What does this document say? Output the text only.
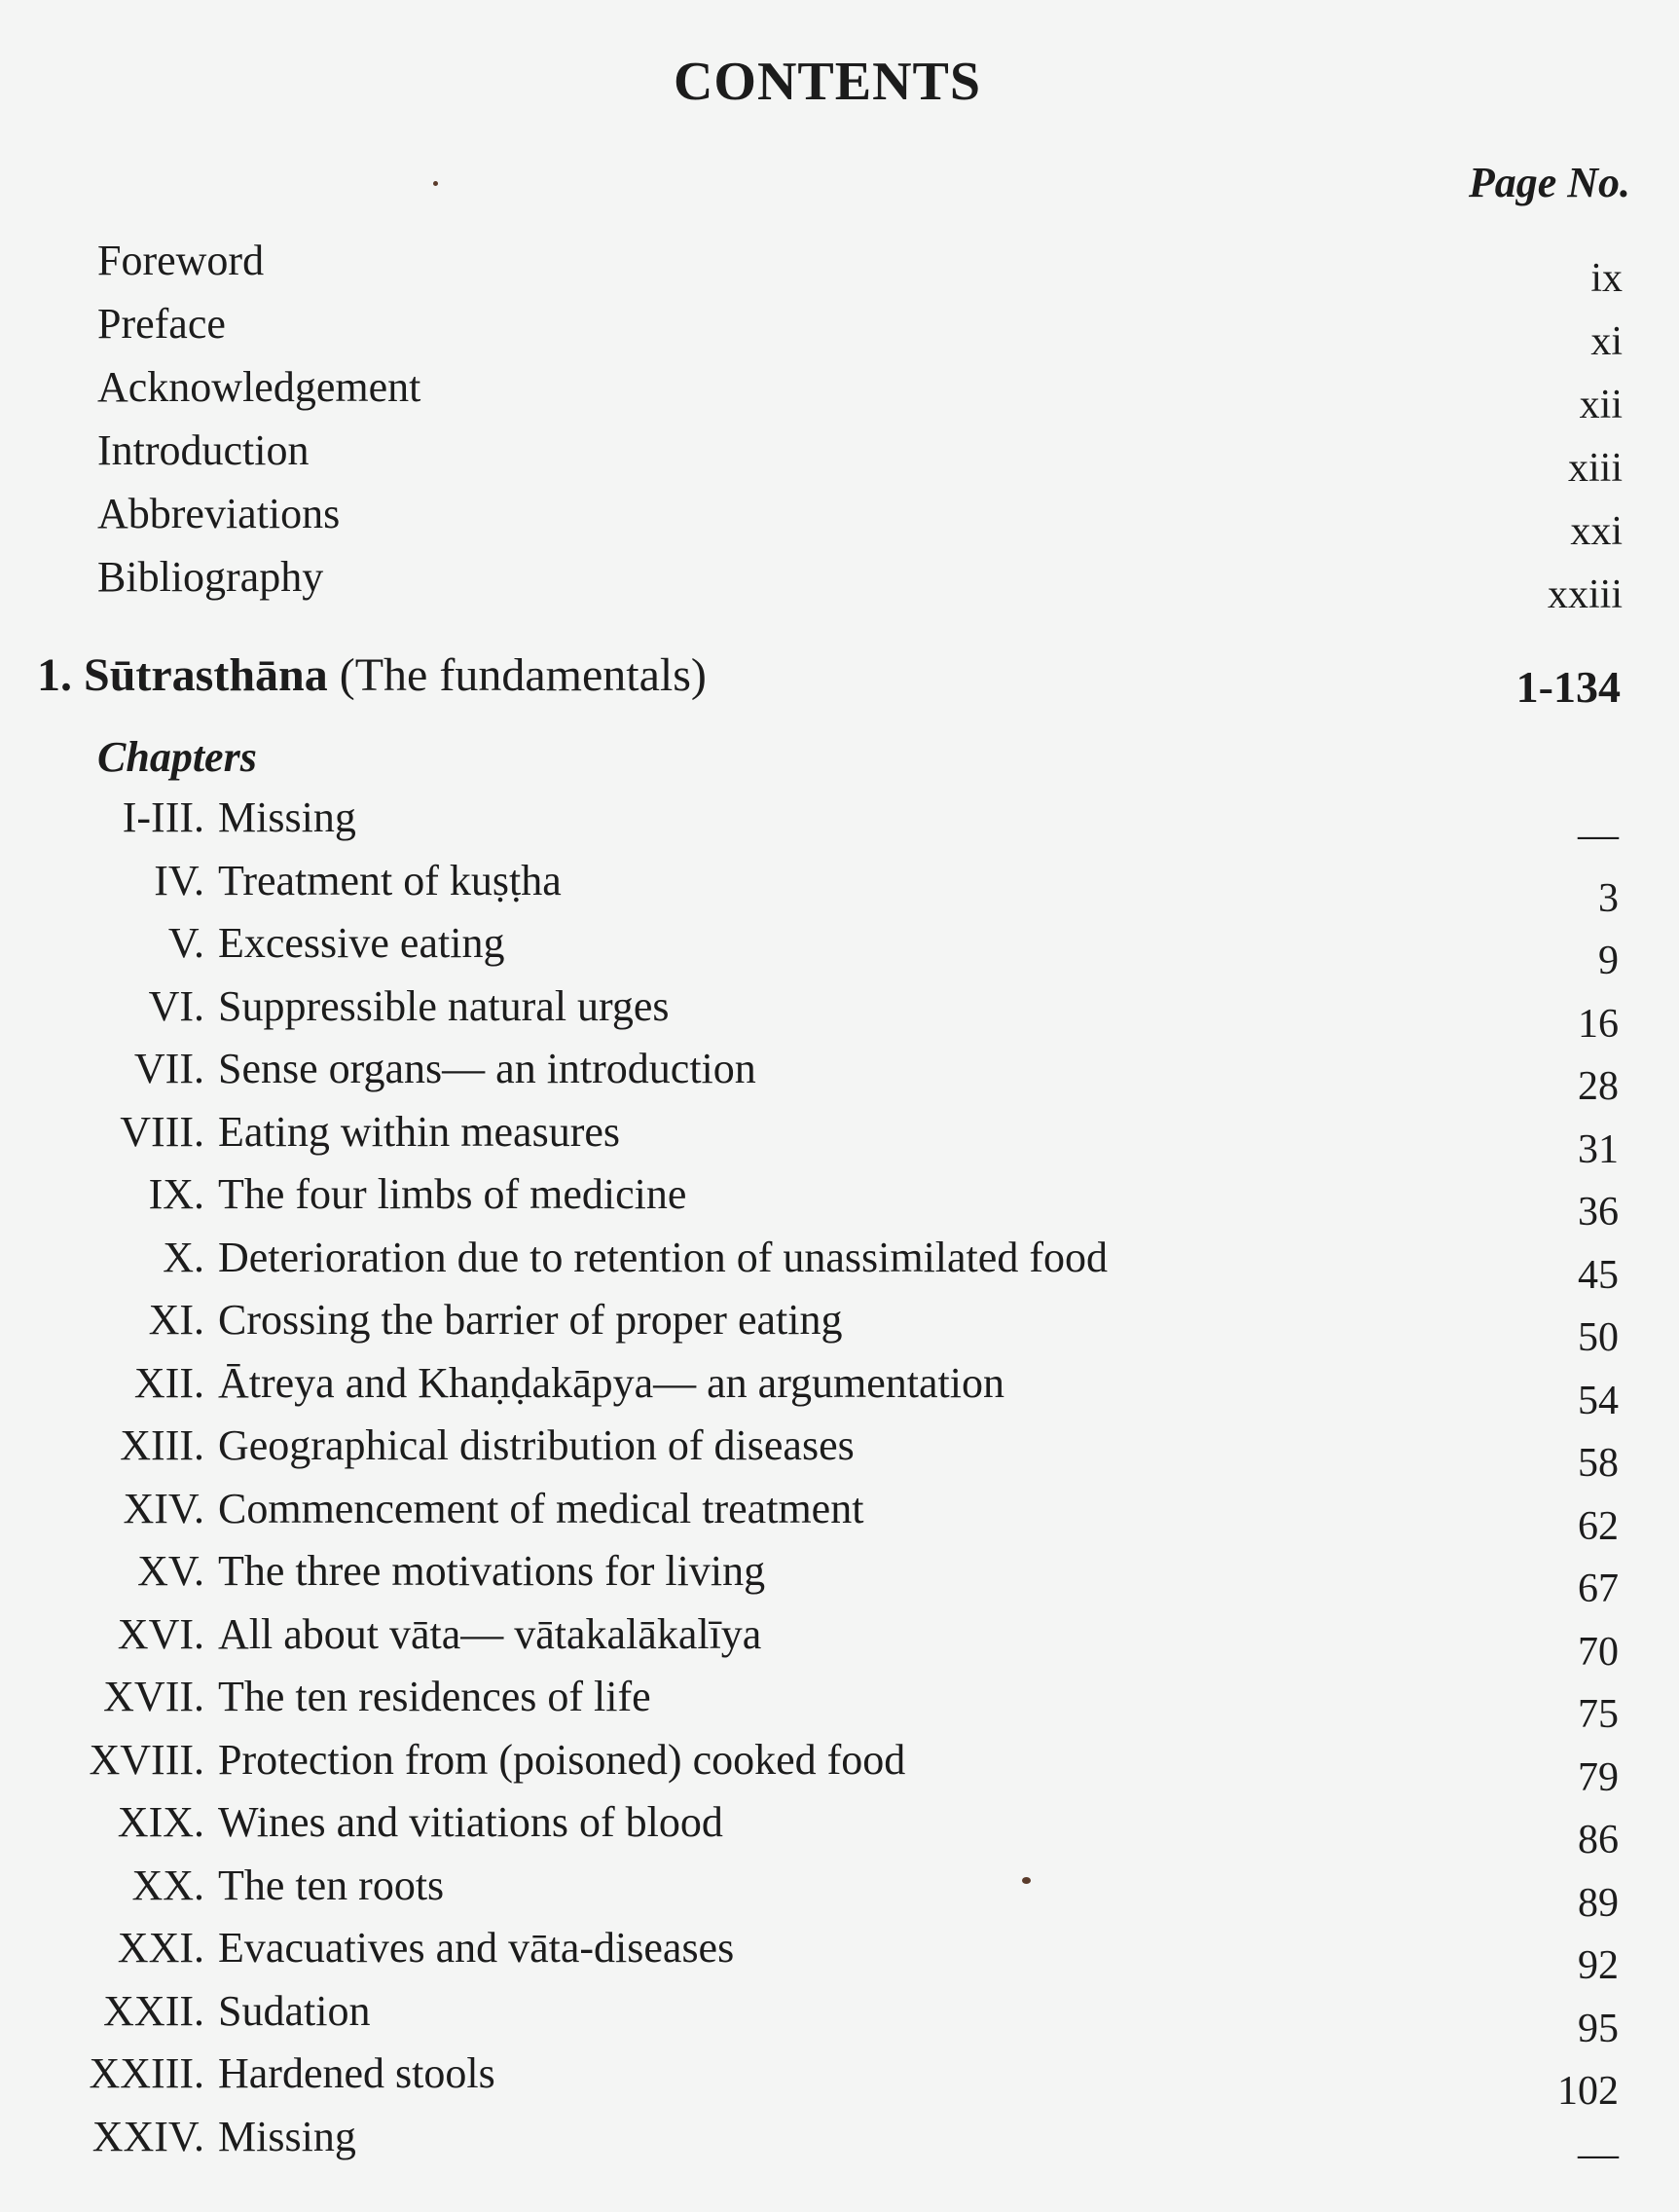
CONTENTS
Page No.
Foreword	ix
Preface	xi
Acknowledgement	xii
Introduction	xiii
Abbreviations	xxi
Bibliography	xxiii
1. Sūtrasthāna (The fundamentals)	1-134
Chapters
I-III. Missing	—
IV. Treatment of kuṣṭha	3
V. Excessive eating	9
VI. Suppressible natural urges	16
VII. Sense organs— an introduction	28
VIII. Eating within measures	31
IX. The four limbs of medicine	36
X. Deterioration due to retention of unassimilated food	45
XI. Crossing the barrier of proper eating	50
XII. Ātreya and Khaṇḍakāpya— an argumentation	54
XIII. Geographical distribution of diseases	58
XIV. Commencement of medical treatment	62
XV. The three motivations for living	67
XVI. All about vāta— vātakalākalīya	70
XVII. The ten residences of life	75
XVIII. Protection from (poisoned) cooked food	79
XIX. Wines and vitiations of blood	86
XX. The ten roots	89
XXI. Evacuatives and vāta-diseases	92
XXII. Sudation	95
XXIII. Hardened stools	102
XXIV. Missing	—
